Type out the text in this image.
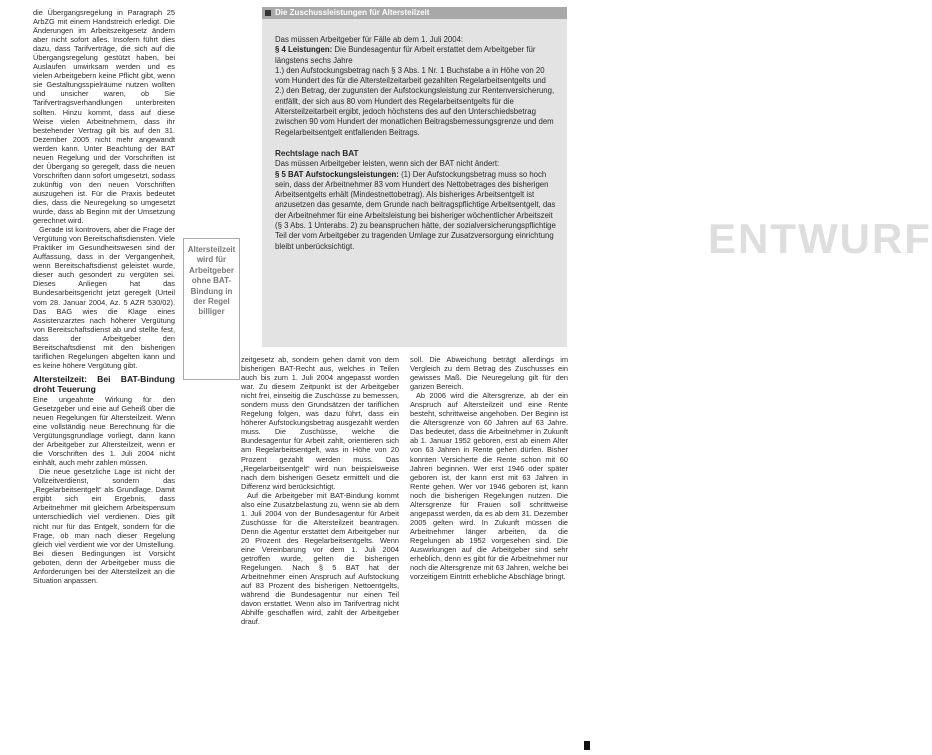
die Übergangsregelung in Paragraph 25 ArbZG mit einem Handstreich erledigt. Die Änderungen im Arbeitszeitgesetz ändern aber nicht sofort alles. Insofern führt dies dazu, dass Tarifverträge, die sich auf die Übergangsregelung gestützt haben, bei Auslaufen unwirksam werden und es vielen Arbeitgebern keine Pflicht gibt, wenn sie Gestaltungsspielräume nutzen wollten und unsicher waren, ob Sie Tarifvertragsverhandlungen unterbreiten sollten. Hinzu kommt, dass auf diese Weise vielen Arbeitnehmern, dass ihr bestehender Vertrag gilt bis auf den 31. Dezember 2005 nicht mehr angewandt werden kann. Unter Beachtung der BAT neuen Regelung und der Vorschriften ist der Übergang so geregelt, dass die neuen Vorschriften dann sofort umgesetzt, sodass zukünftig von den neuen Vorschriften auszugehen ist. Für die Praxis bedeutet dies, dass die Neuregelung so umgesetzt wurde, dass ab Beginn mit der Umsetzung gerechnet wird.

Gerade ist kontrovers, aber die Frage der Vergütung von Bereitschaftsdiensten. Viele Praktiker im Gesundheitswesen sind der Auffassung, dass in der Vergangenheit, wenn Bereitschaftsdienst geleistet wurde, dieser auch gesondert zu vergüten sei. Dieses Anliegen hat das Bundesarbeitsgericht jetzt geregelt (Urteil vom 28. Januar 2004, Az. 5 AZR 530/02). Das BAG wies die Klage eines Assistenzarztes nach höherer Vergütung von Bereitschaftsdienst ab und stellte fest, dass der Arbeitgeber den Bereitschaftsdienst mit den bisherigen tariflichen Regelungen abgelten kann und es keine höhere Vergütung gibt.

Altersteilzeit: Bei BAT-Bindung droht Teuerung

Eine ungeahnte Wirkung für den Gesetzgeber und eine auf Geheiß über die neuen Regelungen für Altersteilzeit. Wenn eine vollständig neue Berechnung für die Vergütungsgrundlage vorliegt, dann kann der Arbeitgeber zur Altersteilzeit, wenn er die Vorschriften des 1. Juli 2004 nicht einhält, auch mehr zahlen müssen.

Die neue gesetzliche Lage ist nicht der Vollzeitverdienst, sondern das „Regelarbeitsentgelt“ als Grundlage. Damit ergibt sich ein Ergebnis, dass Arbeitnehmer mit gleichem Arbeitspensum unterschiedlich viel verdienen. Dies gilt nicht nur für das Entgelt, sondern für die Frage, ob man nach dieser Regelung gleich viel verdient wie vor der Umstellung. Bei diesen Bedingungen ist Vorsicht geboten, denn der Arbeitgeber muss die Anforderungen bei der Altersteilzeit an die Situation anpassen.

Altersteilzeit wird für Arbeitgeber ohne BAT-Bindung in der Regel billiger
Die Zuschussleistungen für Altersteilzeit
ENTWURF

Das müssen Arbeitgeber für Fälle ab dem 1. Juli 2004:

§ 4 Leistungen: Die Bundesagentur für Arbeit erstattet dem Arbeitgeber für längstens sechs Jahre

1.) den Aufstockungsbetrag nach § 3 Abs. 1 Nr. 1 Buchstabe a in Höhe von 20 vom Hundert des für die Altersteilzeitarbeit gezahlten Regelarbeitsentgelts und

2.) den Betrag, der zugunsten der Aufstockungsleistung zur Rentenversicherung, entfällt, der sich aus 80 vom Hundert des Regelarbeitsentgelts für die Altersteilzeitarbeit ergibt, jedoch höchstens des auf den Unterschiedsbetrag zwischen 90 vom Hundert der monatlichen Beitragsbemessungsgrenze und dem Regelarbeitsentgelt entfallenden Beitrags.

Rechtslage nach BAT

Das müssen Arbeitgeber leisten, wenn sich der BAT nicht ändert:

§ 5 BAT Aufstockungsleistungen: (1) Der Aufstockungsbetrag muss so hoch sein, dass der Arbeitnehmer 83 vom Hundert des Nettobetrages des bisherigen Arbeitsentgelts erhält (Mindestnettobetrag). Als bisheriges Arbeitsentgelt ist anzusetzen das gesamte, dem Grunde nach beitragspflichtige Arbeitsentgelt, das der Arbeitnehmer für eine Arbeitsleistung bei bisheriger wöchentlicher Arbeitszeit (§ 3 Abs. 1 Unterabs. 2) zu beanspruchen hätte, der sozialversicherungspflichtige Teil der vom Arbeitgeber zu tragenden Umlage zur Zusatzversorgung einrichtung bleibt unberücksichtigt.

zeitgesetz ab, sondern gehen damit von dem bisherigen BAT-Recht aus, welches in Teilen auch bis zum 1. Juli 2004 angepasst worden war. Zu diesem Zeitpunkt ist der Arbeitgeber nicht frei, einseitig die Zuschüsse zu bemessen, sondern muss den Grundsätzen der tariflichen Regelung folgen, was dazu führt, dass ein höherer Aufstockungsbetrag ausgezahlt werden muss. Die Zuschüsse, welche die Bundesagentur für Arbeit zahlt, orientieren sich am Regelarbeitsentgelt, was in Höhe von 20 Prozent gezahlt werden muss. Das „Regelarbeitsentgelt“ wird nun beispielsweise nach dem bisherigen Gesetz ermittelt und die Differenz wird berücksichtigt.

Auf die Arbeitgeber mit BAT-Bindung kommt also eine Zusatzbelastung zu, wenn sie ab dem 1. Juli 2004 von der Bundesagentur für Arbeit Zuschüsse für die Altersteilzeit beantragen. Denn die Agentur erstattet dem Arbeitgeber nur 20 Prozent des Regelarbeitsentgelts. Wenn eine Vereinbarung vor dem 1. Juli 2004 getroffen wurde, gelten die bisherigen Regelungen. Nach § 5 BAT hat der Arbeitnehmer einen Anspruch auf Aufstockung auf 83 Prozent des bisherigen Nettoentgelts, während die Bundesagentur nur einen Teil davon erstattet. Wenn also im Tarifvertrag nicht Abhilfe geschaffen wird, zahlt der Arbeitgeber drauf.

soll. Die Abweichung beträgt allerdings im Vergleich zu dem Betrag des Zuschusses ein gewisses Maß. Die Neuregelung gilt für den ganzen Bereich.

Ab 2006 wird die Altersgrenze, ab der ein Anspruch auf Altersteilzeit und eine Rente besteht, schrittweise angehoben. Der Beginn ist die Altersgrenze von 60 Jahren auf 63 Jahre. Das bedeutet, dass die Arbeitnehmer in Zukunft ab 1. Januar 1952 geboren, erst ab einem Alter von 63 Jahren in Rente gehen dürfen. Bisher konnten Versicherte die Rente schon mit 60 Jahren beginnen. Wer erst 1946 oder später geboren ist, der kann erst mit 63 Jahren in Rente gehen. Wer vor 1946 geboren ist, kann noch die bisherigen Regelungen nutzen. Die Altersgrenze für Frauen soll schrittweise angepasst werden, da es ab dem 31. Dezember 2005 gelten wird. In Zukunft müssen die Arbeitnehmer länger arbeiten, da die Regelungen ab 1952 vorgesehen sind. Die Auswirkungen auf die Arbeitgeber sind sehr erheblich, denn es gibt für die Arbeitnehmer nur noch die Altersgrenze mit 63 Jahren, welche bei vorzeitigem Eintritt erhebliche Abschläge bringt.
